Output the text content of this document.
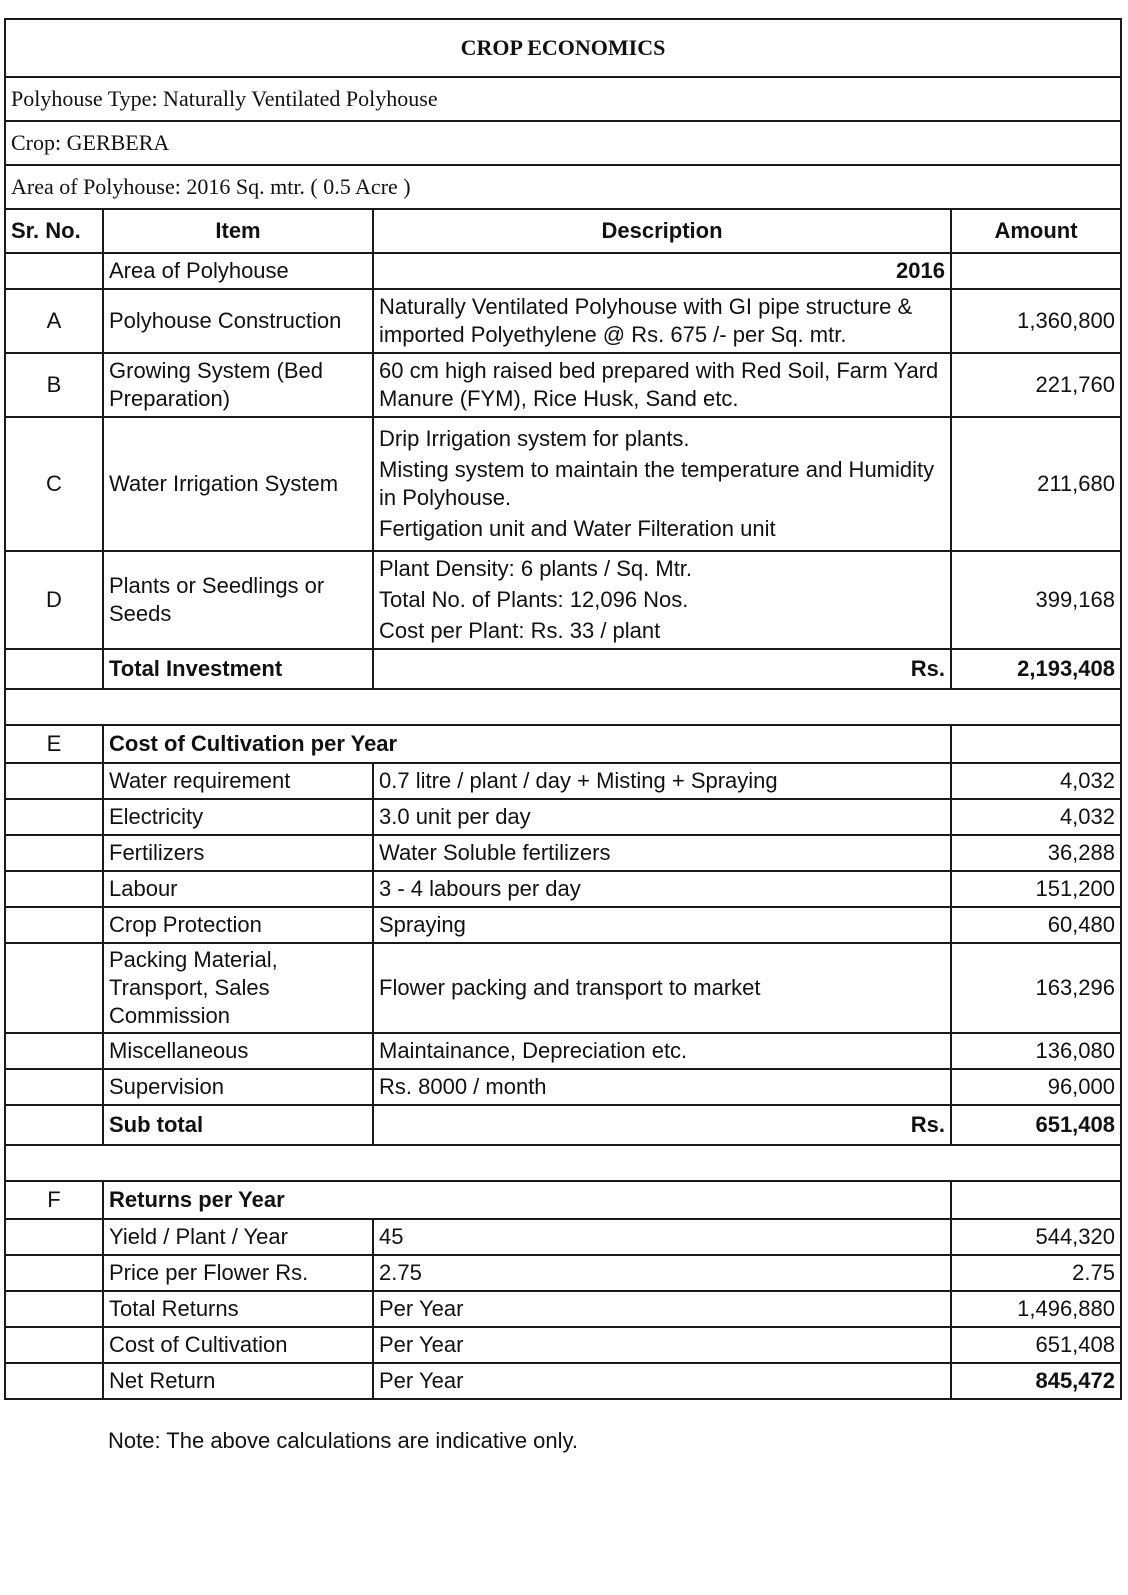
CROP ECONOMICS			
Polyhouse Type: Naturally Ventilated Polyhouse			
Crop: GERBERA			
Area of Polyhouse: 2016 Sq. mtr. ( 0.5 Acre )			
Sr. No.	Item	Description	Amount
	Area of Polyhouse	2016	
A	Polyhouse Construction	Naturally Ventilated Polyhouse with GI pipe structure & imported Polyethylene @ Rs. 675 /- per Sq. mtr.	1,360,800
B	Growing System (Bed Preparation)	60 cm high raised bed prepared with Red Soil, Farm Yard Manure (FYM), Rice Husk, Sand etc.	221,760
C	Water Irrigation System	Drip Irrigation system for plants.
Misting system to maintain the temperature and Humidity in Polyhouse.
Fertigation unit and Water Filteration unit	211,680
D	Plants or Seedlings or Seeds	Plant Density: 6 plants / Sq. Mtr.
Total No. of Plants: 12,096 Nos.
Cost per Plant: Rs. 33 / plant	399,168
	Total Investment	Rs.	2,193,408

E	Cost of Cultivation per Year		
	Water requirement	0.7 litre / plant / day + Misting + Spraying	4,032
	Electricity	3.0 unit per day	4,032
	Fertilizers	Water Soluble fertilizers	36,288
	Labour	3 - 4 labours per day	151,200
	Crop Protection	Spraying	60,480
	Packing Material, Transport, Sales Commission	Flower packing and transport to market	163,296
	Miscellaneous	Maintainance, Depreciation etc.	136,080
	Supervision	Rs. 8000 / month	96,000
	Sub total	Rs.	651,408

F	Returns per Year		
	Yield / Plant / Year	45	544,320
	Price per Flower Rs.	2.75	2.75
	Total Returns	Per Year	1,496,880
	Cost of Cultivation	Per Year	651,408
	Net Return	Per Year	845,472
Note: The above calculations are indicative only.
